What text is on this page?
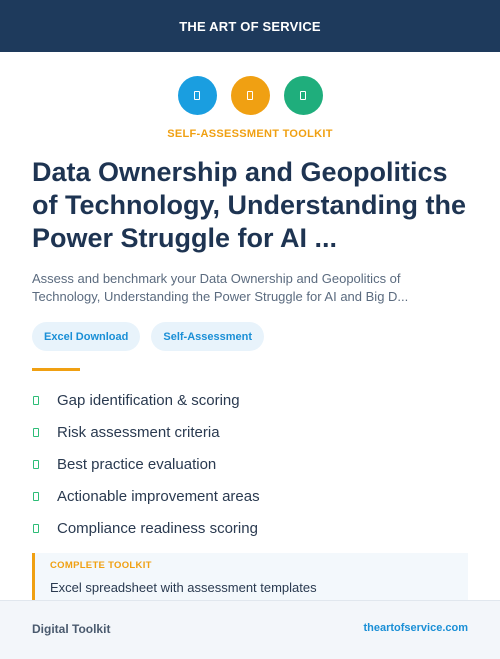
THE ART OF SERVICE
SELF-ASSESSMENT TOOLKIT
Data Ownership and Geopolitics of Technology, Understanding the Power Struggle for AI ...

Assess and benchmark your Data Ownership and Geopolitics of Technology, Understanding the Power Struggle for AI and Big D...

Excel Download	Self-Assessment
Gap identification & scoring
Risk assessment criteria
Best practice evaluation
Actionable improvement areas
Compliance readiness scoring
COMPLETE TOOLKIT
Excel spreadsheet with assessment templates
Digital Toolkit	theartofservice.com
